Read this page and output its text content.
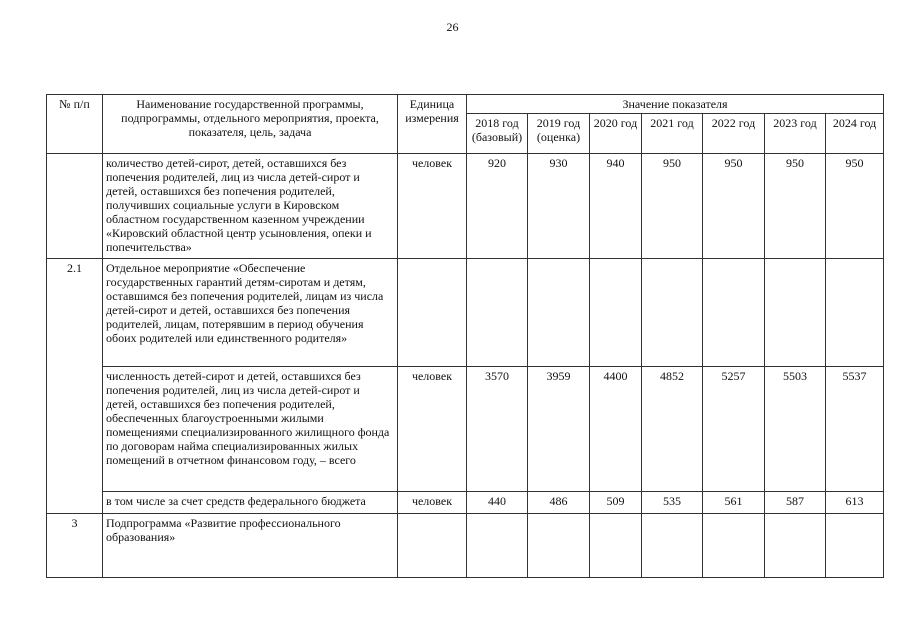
26
№ п/п	Наименование государственной программы, подпрограммы, отдельного мероприятия, проекта, показателя, цель, задача	Единица измерения	Значение показателя						
			2018 год (базовый)	2019 год (оценка)	2020 год	2021 год	2022 год	2023 год	2024 год
	количество детей-сирот, детей, оставшихся без попечения родителей, лиц из числа детей-сирот и детей, оставшихся без попечения родителей, получивших социальные услуги в Кировском областном государственном казенном учреждении «Кировский областной центр усыновления, опеки и попечительства»	человек	920	930	940	950	950	950	950
2.1	Отдельное мероприятие «Обеспечение государственных гарантий детям-сиротам и детям, оставшимся без попечения родителей, лицам из числа детей-сирот и детей, оставшихся без попечения родителей, лицам, потерявшим в период обучения обоих родителей или единственного родителя»								
	численность детей-сирот и детей, оставшихся без попечения родителей, лиц из числа детей-сирот и детей, оставшихся без попечения родителей, обеспеченных благоустроенными жилыми помещениями специализированного жилищного фонда по договорам найма специализированных жилых помещений в отчетном финансовом году, – всего	человек	3570	3959	4400	4852	5257	5503	5537
	в том числе за счет средств федерального бюджета	человек	440	486	509	535	561	587	613
3	Подпрограмма «Развитие профессионального образования»								
